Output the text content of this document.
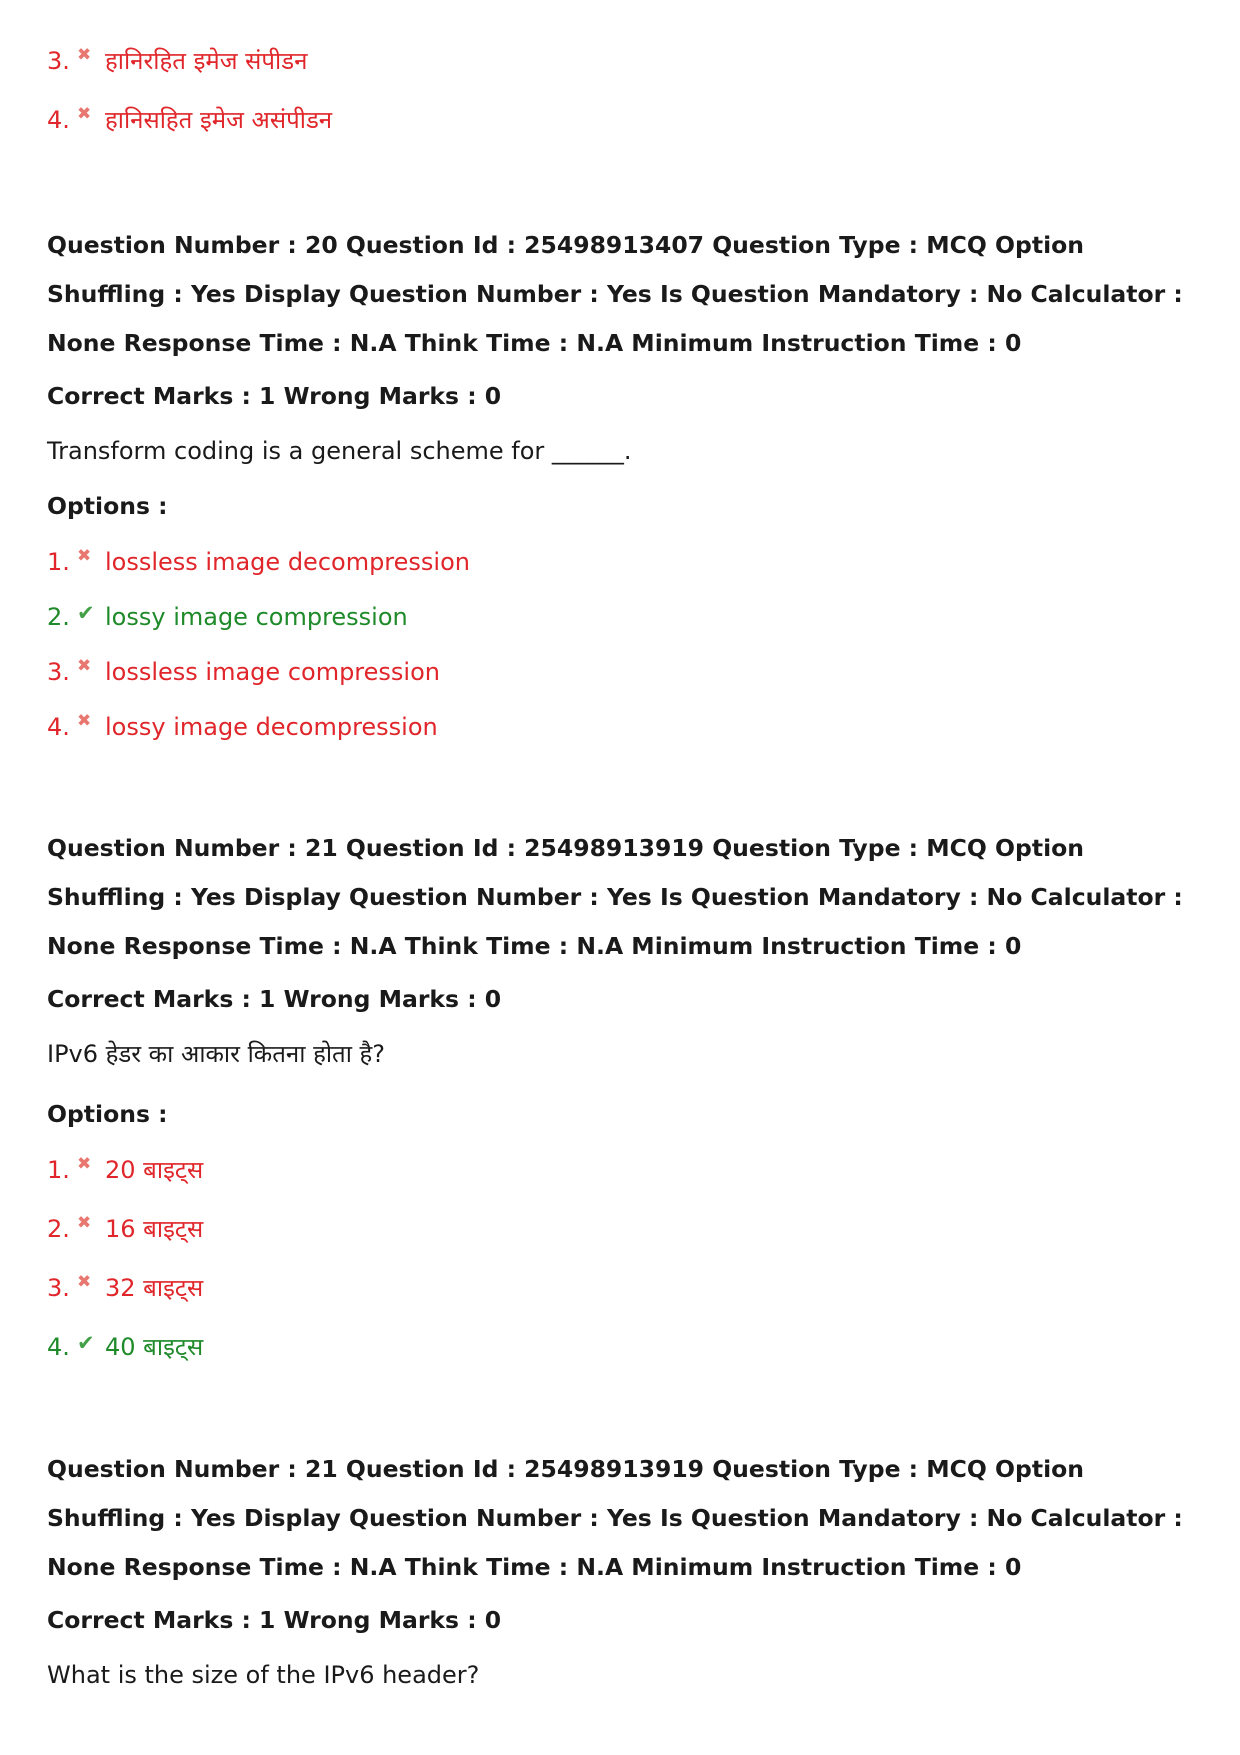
3. ✖ हानिरहित इमेज संपीडन
4. ✖ हानिसहित इमेज असंपीडन
Question Number : 20 Question Id : 25498913407 Question Type : MCQ Option Shuffling : Yes Display Question Number : Yes Is Question Mandatory : No Calculator : None Response Time : N.A Think Time : N.A Minimum Instruction Time : 0
Correct Marks : 1 Wrong Marks : 0
Transform coding is a general scheme for ______.
Options :
1. ✖ lossless image decompression
2. ✔ lossy image compression
3. ✖ lossless image compression
4. ✖ lossy image decompression
Question Number : 21 Question Id : 25498913919 Question Type : MCQ Option Shuffling : Yes Display Question Number : Yes Is Question Mandatory : No Calculator : None Response Time : N.A Think Time : N.A Minimum Instruction Time : 0
Correct Marks : 1 Wrong Marks : 0
IPv6 हेडर का आकार कितना होता है?
Options :
1. ✖ 20 बाइट्स
2. ✖ 16 बाइट्स
3. ✖ 32 बाइट्स
4. ✔ 40 बाइट्स
Question Number : 21 Question Id : 25498913919 Question Type : MCQ Option Shuffling : Yes Display Question Number : Yes Is Question Mandatory : No Calculator : None Response Time : N.A Think Time : N.A Minimum Instruction Time : 0
Correct Marks : 1 Wrong Marks : 0
What is the size of the IPv6 header?
